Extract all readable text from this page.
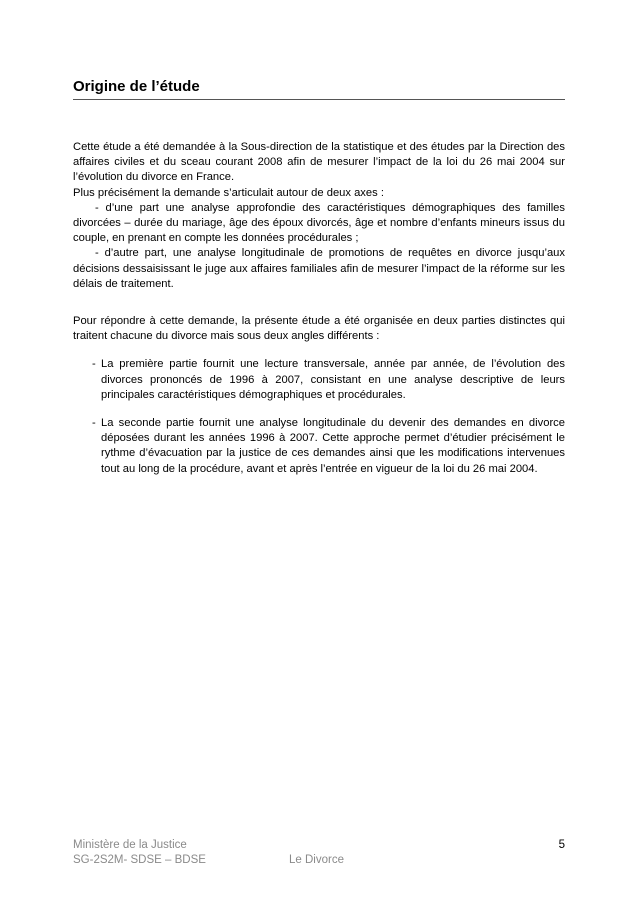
Origine de l’étude

Cette étude a été demandée à la Sous-direction de la statistique et des études par la Direction des affaires civiles et du sceau courant 2008 afin de mesurer l’impact de la loi du 26 mai 2004 sur l’évolution du divorce en France.

Plus précisément la demande s’articulait autour de deux axes :

- d’une part une analyse approfondie des caractéristiques démographiques des familles divorcées – durée du mariage, âge des époux divorcés, âge et nombre d’enfants mineurs issus du couple, en prenant en compte les données procédurales ;

- d’autre part, une analyse longitudinale de promotions de requêtes en divorce jusqu’aux décisions dessaisissant le juge aux affaires familiales afin de mesurer l’impact de la réforme sur les délais de traitement.

Pour répondre à cette demande, la présente étude a été organisée en deux parties distinctes qui traitent chacune du divorce mais sous deux angles différents :

- La première partie fournit une lecture transversale, année par année, de l’évolution des divorces prononcés de 1996 à 2007, consistant en une analyse descriptive de leurs principales caractéristiques démographiques et procédurales.
- La seconde partie fournit une analyse longitudinale du devenir des demandes en divorce déposées durant les années 1996 à 2007. Cette approche permet d’étudier précisément le rythme d’évacuation par la justice de ces demandes ainsi que les modifications intervenues tout au long de la procédure, avant et après l’entrée en vigueur de la loi du 26 mai 2004.
Ministère de la Justice	5
SG-2S2M- SDSE – BDSE	Le Divorce
